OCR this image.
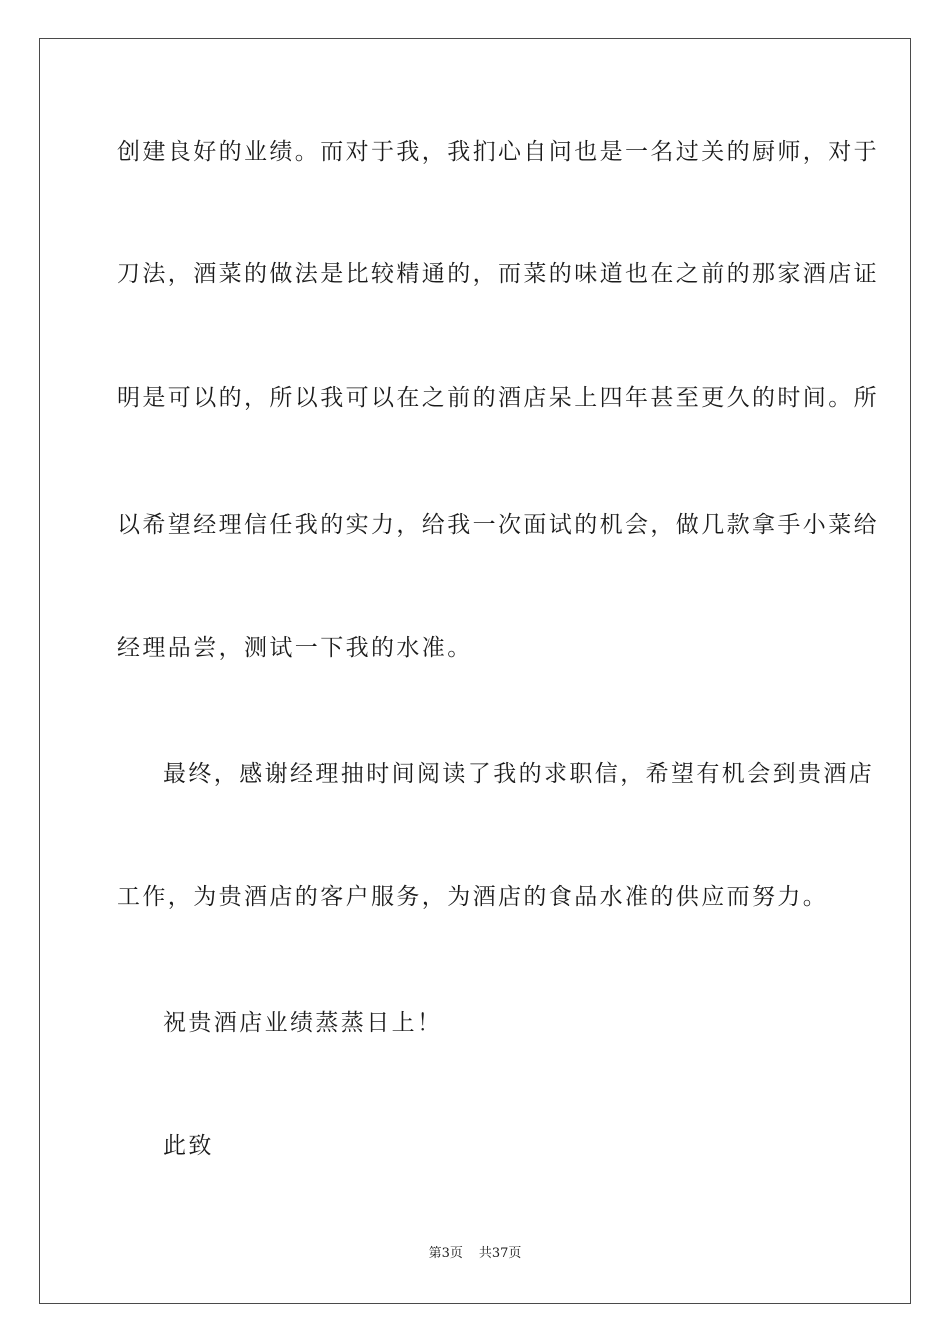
创建良好的业绩。而对于我，我扪心自问也是一名过关的厨师，对于
刀法，酒菜的做法是比较精通的，而菜的味道也在之前的那家酒店证
明是可以的，所以我可以在之前的酒店呆上四年甚至更久的时间。所
以希望经理信任我的实力，给我一次面试的机会，做几款拿手小菜给
经理品尝，测试一下我的水准。
最终，感谢经理抽时间阅读了我的求职信，希望有机会到贵酒店
工作，为贵酒店的客户服务，为酒店的食品水准的供应而努力。
祝贵酒店业绩蒸蒸日上！
此致
第3页 共37页
